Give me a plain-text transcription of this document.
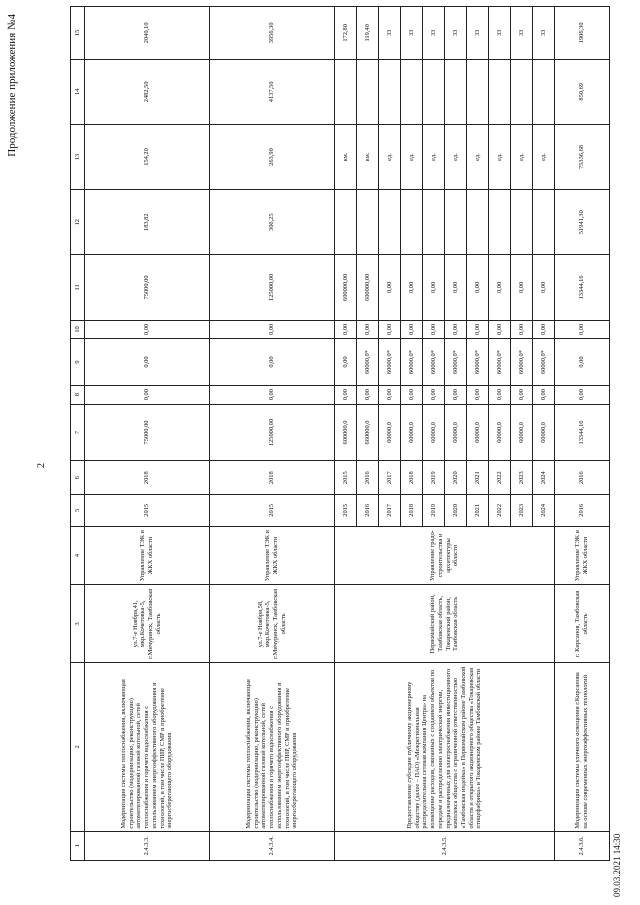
2
Продолжение приложения №4
1	2	3	4	5	6	7	8	9	10	11	12	13	14	15
2.4.3.3.	Модернизация системы теплоснабжения, включающая строительство (модернизацию, реконструкцию) автоматизированной газовой котельной, сетей теплоснабжения и горячего водоснабжения с использованием энергоэффективного оборудования и технологий, в том числе ПИР, СМР и приобретение энергосберегающего оборудования	ул.7-е Ноября,41, мкр.Кочетовка-5, г.Мичуринск, Тамбовская область	Управление ТЭК и ЖКХ области	2015	2018	75000,00	0,00	0,00	0,00	75000,00	183,82	154,20	2482,50	2040,10
2.4.3.4.	Модернизация системы теплоснабжения, включающая строительство (модернизацию, реконструкцию) автоматизированной газовой котельной, сетей теплоснабжения и горячего водоснабжения с использованием энергоэффективного оборудования и технологий, в том числе ПИР, СМР и приобретение энергосберегающего оборудования	ул.7-е Ноября,58, мкр.Кочетовка-5, г.Мичуринск, Тамбовская область	Управление ТЭК и ЖКХ области	2015	2018	125000,00	0,00	0,00	0,00	125000,00	306,25	263,90	4137,50	3956,30
2.4.3.5.	Предоставление субсидии публичному акционерному обществу (далее – ПАО) «Межрегиональная распределительная сетевая компания Центра» на возмещение расходов, связанных с созданием объектов по передаче и распределению электрической энергии, предназначенных для электроснабжения инвестиционного комплекса общества с ограниченной ответственностью «Тамбовская индейка» в Первомайском районе Тамбовской области и открытого акционерного общества «Токаревская птицефабрика» в Токаревском районе Тамбовской области	Первомайский район, Тамбовская область, Токаревский район, Тамбовская область	Управление градо-строительства и архитектуры области	2015	2015	600000,0	0,00	0,00	0,00	600000,00		км.		172,80
				2016	2016	660000,0	0,00	60000,0*	0,00	600000,00		км.		119,40
				2017	2017	60000,0	0,00	60000,0*	0,00	0,00		ед.		33
				2018	2018	60000,0	0,00	60000,0*	0,00	0,00		ед.		33
				2019	2019	60000,0	0,00	60000,0*	0,00	0,00		ед.		33
				2020	2020	60000,0	0,00	60000,0*	0,00	0,00		ед.		33
				2021	2021	60000,0	0,00	60000,0*	0,00	0,00		ед.		33
				2022	2022	60000,0	0,00	60000,0*	0,00	0,00		ед.		33
				2023	2023	60000,0	0,00	60000,0*	0,00	0,00		ед.		33
				2024	2024	60000,0	0,00	60000,0*	0,00	0,00		ед.		33
2.4.3.6.	Модернизация системы уличного освещения г.Кирсанова на основе современных энергоэффективных технологий	г. Кирсанов, Тамбовская область	Управление ТЭК и ЖКХ области	2016	2016	13344,16	0,00	0,00	0,00	13344,16	51941,30	75336,68	850,69	1906,30
09.03.2021 14:30
